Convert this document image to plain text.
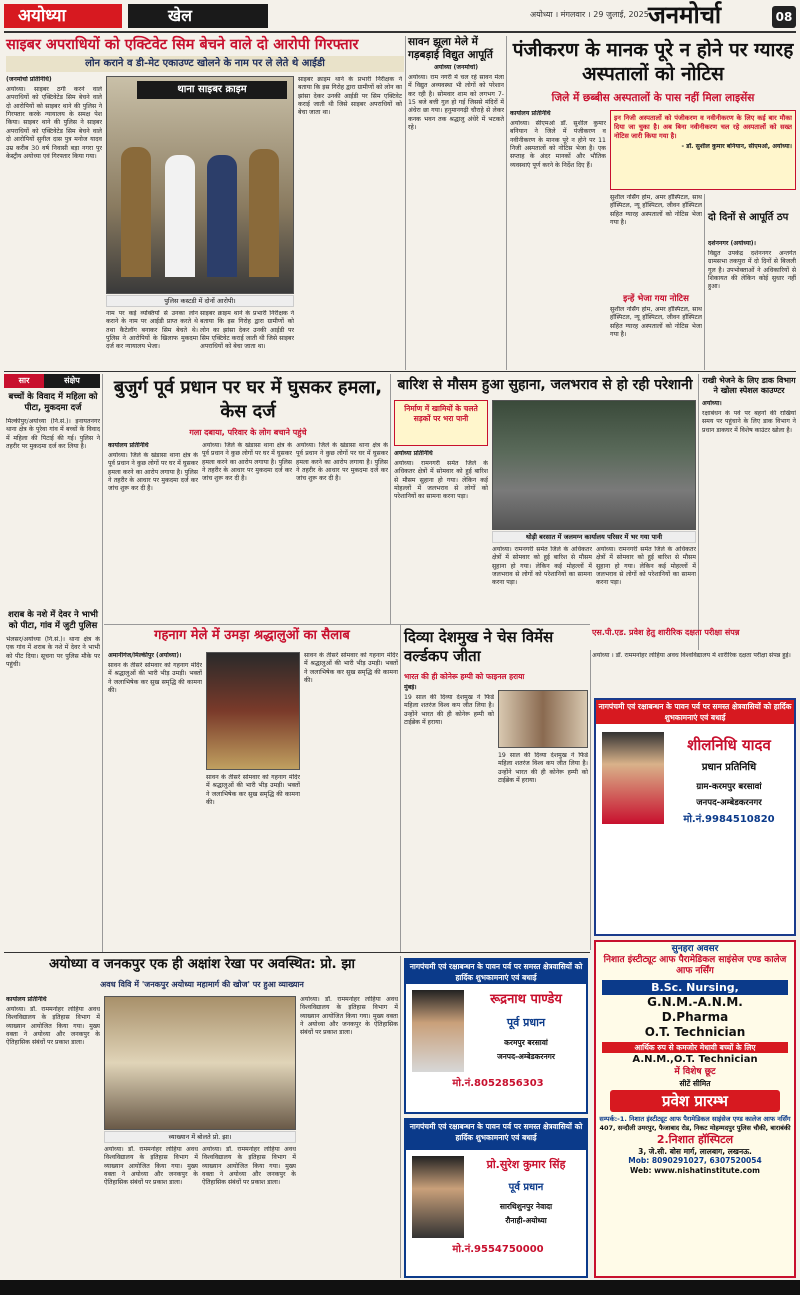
अयोध्या	खेल	अयोध्या । मंगलवार । 29 जुलाई, 2025 जनमोर्चा	08
साइबर अपराधियों को एक्टिवेट सिम बेचने वाले दो आरोपी गिरफ्तार
लोन कराने व डी-मेट एकाउण्ट खोलने के नाम पर ले लेते थे आईडी
(जनमोर्चा प्रतिनिधि)
अयोध्या। साइबर ठगी करने वाले अपराधियों को एक्टिवेटेड सिम बेचने वाले दो आरोपियों को साइबर थाने की पुलिस ने गिरफ्तार करके न्यायालय के समक्ष पेश किया। साइबर थाने की पुलिस ने साइबर अपराधियों को एक्टिवेटेड सिम बेचने वाले दो आरोपियों सुनील दास पुत्र मनोज यादव उम्र करीब 30 वर्ष निवासी बड़ा नगरा पुर केस्ट्रीय अयोध्या एवं गिरफ्तार किया गया।
थाना साइबर क्राइम
पुलिस कस्टडी में दोनों आरोपी।
नाम पर कई व्यक्तियों से उनका लोन कराने के नाम पर आईडी प्राप्त करते थे तथा कैटेलॉग बनाकर सिम बेचते थे। पुलिस ने आरोपियों के खिलाफ मुकदमा दर्ज कर न्यायालय भेजा।
साइबर क्राइम थाने के प्रभारी निरीक्षक ने बताया कि इस गिरोह द्वारा ग्रामीणों को लोन का झांसा देकर उनकी आईडी पर सिम एक्टिवेट कराई जाती थी जिसे साइबर अपराधियों को बेचा जाता था।
साइबर क्राइम थाने के प्रभारी निरीक्षक ने बताया कि इस गिरोह द्वारा ग्रामीणों को लोन का झांसा देकर उनकी आईडी पर सिम एक्टिवेट कराई जाती थी जिसे साइबर अपराधियों को बेचा जाता था।
सावन झूला मेले में गड़बड़ाई विद्युत आपूर्ति
अयोध्या (जनमोर्चा)
अयोध्या। राम नगरी में चल रहे सावन मेला में विद्युत अव्यवस्था भी लोगों को परेशान कर रही है। सोमवार शाम को लगभग 7-15 बजे बत्ती गुल हो गई जिससे मंदिरों में अंधेरा छा गया। हनुमानगढ़ी चौराहे से लेकर कनक भवन तक श्रद्धालु अंधेरे में भटकते रहे।
पंजीकरण के मानक पूरे न होने पर ग्यारह अस्पतालों को नोटिस
जिले में छब्बीस अस्पतालों के पास नहीं मिला लाइसेंस
कार्यालय प्रतिनिधि
अयोध्या। सीएमओ डॉ. सुशील कुमार बनियान ने जिले में पंजीकरण व नवीनीकरण के मानक पूरे न होने पर 11 निजी अस्पतालों को नोटिस भेजा है। एक सप्ताह के अंदर मानकों और भौतिक व्यवस्थाएं पूर्ण करने के निर्देश दिए हैं।
इन निजी अस्पतालों को पंजीकरण व नवीनीकरण के लिए कई बार मौका दिया जा चुका है। अब बिना नवीनीकरण चल रहे अस्पतालों को सख्त नोटिस जारी किया गया है।
- डॉ. सुशील कुमार बनियान, सीएमओ, अयोध्या।
सुशील नर्सिंग होम, अमर हॉस्पिटल, साथ हॉस्पिटल, न्यू हॉस्पिटल, जीवन हॉस्पिटल सहित ग्यारह अस्पतालों को नोटिस भेजा गया है।
इन्हें भेजा गया नोटिस
सुशील नर्सिंग होम, अमर हॉस्पिटल, साथ हॉस्पिटल, न्यू हॉस्पिटल, जीवन हॉस्पिटल सहित ग्यारह अस्पतालों को नोटिस भेजा गया है।
दो दिनों से आपूर्ति ठप
दर्शननगर (अयोध्या)।
विद्युत उपकेंद्र दर्शननगर अन्तर्गत ग्रामसभा तकपुरा में दो दिनों से बिजली गुल है। उपभोक्ताओं ने अधिकारियों से शिकायत की लेकिन कोई सुधार नहीं हुआ।
सार	संक्षेप
बच्चों के विवाद में महिला को पीटा, मुकदमा दर्ज
मिल्कीपुर/अयोध्या (नि.सं.)। इनायतनगर थाना क्षेत्र के पुरेवा गांव में बच्चों के विवाद में महिला की पिटाई की गई। पुलिस ने तहरीर पर मुकदमा दर्ज कर लिया है।
शराब के नशे में देवर ने भाभी को पीटा, गांव में जुटी पुलिस
भेलसर/अयोध्या (नि.सं.)। थाना क्षेत्र के एक गांव में शराब के नशे में देवर ने भाभी को पीट दिया। सूचना पर पुलिस मौके पर पहुंची।
बुजुर्ग पूर्व प्रधान पर घर में घुसकर हमला, केस दर्ज
गला दबाया, परिवार के लोग बचाने पहुंचे
कार्यालय प्रतिनिधि
अयोध्या। जिले के खंडासा थाना क्षेत्र के पूर्व प्रधान ने कुछ लोगों पर घर में घुसकर हमला करने का आरोप लगाया है। पुलिस ने तहरीर के आधार पर मुकदमा दर्ज कर जांच शुरू कर दी है।
अयोध्या। जिले के खंडासा थाना क्षेत्र के पूर्व प्रधान ने कुछ लोगों पर घर में घुसकर हमला करने का आरोप लगाया है। पुलिस ने तहरीर के आधार पर मुकदमा दर्ज कर जांच शुरू कर दी है।
अयोध्या। जिले के खंडासा थाना क्षेत्र के पूर्व प्रधान ने कुछ लोगों पर घर में घुसकर हमला करने का आरोप लगाया है। पुलिस ने तहरीर के आधार पर मुकदमा दर्ज कर जांच शुरू कर दी है।
बारिश से मौसम हुआ सुहाना, जलभराव से हो रही परेशानी
निर्माण में खामियों के चलते सड़कों पर भरा पानी
अयोध्या प्रतिनिधि
अयोध्या। रामनगरी समेत जिले के अधिकतर क्षेत्रों में सोमवार को हुई बारिश से मौसम सुहाना हो गया। लेकिन कई मोहल्लों में जलभराव से लोगों को परेशानियों का सामना करना पड़ा।
थोड़ी बरसात में जलमग्न कार्यालय परिसर में भर गया पानी
अयोध्या। रामनगरी समेत जिले के अधिकतर क्षेत्रों में सोमवार को हुई बारिश से मौसम सुहाना हो गया। लेकिन कई मोहल्लों में जलभराव से लोगों को परेशानियों का सामना करना पड़ा।
अयोध्या। रामनगरी समेत जिले के अधिकतर क्षेत्रों में सोमवार को हुई बारिश से मौसम सुहाना हो गया। लेकिन कई मोहल्लों में जलभराव से लोगों को परेशानियों का सामना करना पड़ा।
राखी भेजने के लिए डाक विभाग ने खोला स्पेशल काउण्टर
अयोध्या।
रक्षाबंधन के पर्व पर बहनों की राखियां समय पर पहुंचाने के लिए डाक विभाग ने प्रधान डाकघर में विशेष काउंटर खोला है।
एस.पी.एड. प्रवेश हेतु शारीरिक दक्षता परीक्षा संपन्न
अयोध्या । डॉ. राममनोहर लोहिया अवध विश्वविद्यालय में शारीरिक दक्षता परीक्षा संपन्न हुई।
गहनाग मेले में उमड़ा श्रद्धालुओं का सैलाब
अमानीगंज/मिल्कीपुर (अयोध्या)।
सावन के तीसरे सोमवार को गहनाग मंदिर में श्रद्धालुओं की भारी भीड़ उमड़ी। भक्तों ने जलाभिषेक कर सुख समृद्धि की कामना की।
सावन के तीसरे सोमवार को गहनाग मंदिर में श्रद्धालुओं की भारी भीड़ उमड़ी। भक्तों ने जलाभिषेक कर सुख समृद्धि की कामना की।
सावन के तीसरे सोमवार को गहनाग मंदिर में श्रद्धालुओं की भारी भीड़ उमड़ी। भक्तों ने जलाभिषेक कर सुख समृद्धि की कामना की।
दिव्या देशमुख ने चेस विमेंस वर्ल्डकप जीता
भारत की ही कोनेरू हम्पी को फाइनल हराया
मुंबई।
19 साल की दिव्या देशमुख ने फिडे महिला शतरंज विश्व कप जीत लिया है। उन्होंने भारत की ही कोनेरू हम्पी को टाईब्रेक में हराया।
19 साल की दिव्या देशमुख ने फिडे महिला शतरंज विश्व कप जीत लिया है। उन्होंने भारत की ही कोनेरू हम्पी को टाईब्रेक में हराया।
नागपंचमी एवं रक्षाबन्धन के पावन पर्व पर समस्त क्षेत्रवासियों को हार्दिक शुभकामनाएं एवं बधाई
शीलनिधि यादव
प्रधान प्रतिनिधि
ग्राम-करमपुर बरसावां
जनपद-अम्बेडकरनगर
मो.नं.9984510820
अयोध्या व जनकपुर एक ही अक्षांश रेखा पर अवस्थित: प्रो. झा
अवध विवि में 'जनकपुर अयोध्या महामार्ग की खोज' पर हुआ व्याख्यान
कार्यालय प्रतिनिधि
अयोध्या। डॉ. राममनोहर लोहिया अवध विश्वविद्यालय के इतिहास विभाग में व्याख्यान आयोजित किया गया। मुख्य वक्ता ने अयोध्या और जनकपुर के ऐतिहासिक संबंधों पर प्रकाश डाला।
व्याख्यान में बोलते प्रो. झा।
अयोध्या। डॉ. राममनोहर लोहिया अवध विश्वविद्यालय के इतिहास विभाग में व्याख्यान आयोजित किया गया। मुख्य वक्ता ने अयोध्या और जनकपुर के ऐतिहासिक संबंधों पर प्रकाश डाला।
अयोध्या। डॉ. राममनोहर लोहिया अवध विश्वविद्यालय के इतिहास विभाग में व्याख्यान आयोजित किया गया। मुख्य वक्ता ने अयोध्या और जनकपुर के ऐतिहासिक संबंधों पर प्रकाश डाला।
अयोध्या। डॉ. राममनोहर लोहिया अवध विश्वविद्यालय के इतिहास विभाग में व्याख्यान आयोजित किया गया। मुख्य वक्ता ने अयोध्या और जनकपुर के ऐतिहासिक संबंधों पर प्रकाश डाला।
नागपंचमी एवं रक्षाबन्धन के पावन पर्व पर समस्त क्षेत्रवासियों को हार्दिक शुभकामनाएं एवं बधाई
रूद्रनाथ पाण्डेय
पूर्व प्रधान
करमपुर बरसावां
जनपद-अम्बेडकरनगर
मो.नं.8052856303
नागपंचमी एवं रक्षाबन्धन के पावन पर्व पर समस्त क्षेत्रवासियों को हार्दिक शुभकामनाएं एवं बधाई
प्रो.सुरेश कुमार सिंह
पूर्व प्रधान
सारथिशुनपुर नेवादा
रौनाही-अयोध्या
मो.नं.9554750000
सुनहरा अवसर
निशात इंस्टीट्यूट आफ पैरामेडिकल साइंसेज एण्ड कालेज आफ नर्सिंग
B.Sc. Nursing,
G.N.M.-A.N.M.
D.Pharma
O.T. Technician
आर्थिक रुप से कमजोर मेधावी बच्चों के लिए
A.N.M.,O.T. Technician
में विशेष छूट
सीटें सीमित
प्रवेश प्रारम्भ
सम्पर्क:-1. निशात इंस्टीट्यूट आफ पैरामेडिकल साइंसेज एण्ड कालेज आफ नर्सिंग
407, सन्दौली उमरपुर, फैजाबाद रोड, निकट मोहम्मदपुर पुलिस चौकी, बाराबंकी
2.निशात हॉस्पिटल
3, जे.सी. बोस मार्ग, लालबाग, लखनऊ.
Mob: 8090291027, 6307520054
Web: www.nishatinstitute.com
